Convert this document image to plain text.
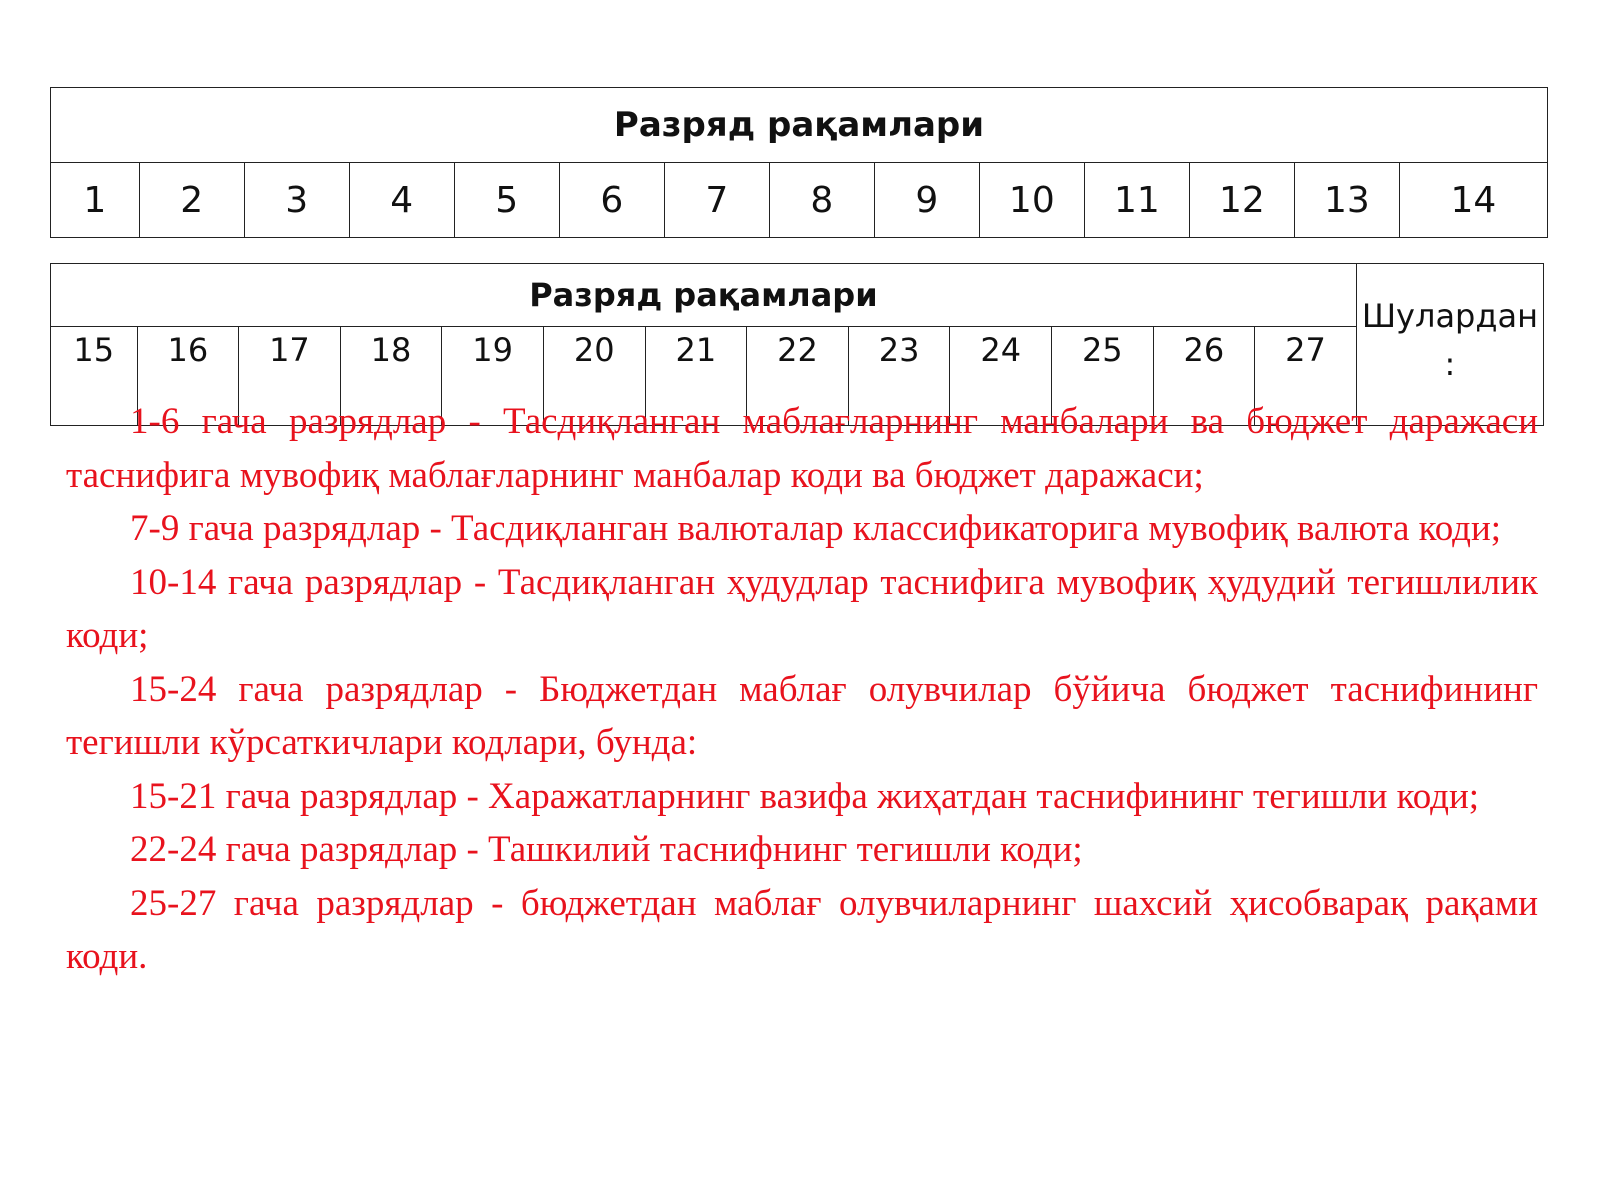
Разряд рақамлари
1	2	3	4	5	6	7	8	9	10	11	12	13	14
Разряд рақамлари													Шулардан
:
15	16	17	18	19	20	21	22	23	24	25	26	27	

1-6 гача разрядлар - Тасдиқланган маблағларнинг манбалари ва бюджет даражаси таснифига мувофиқ маблағларнинг манбалар коди ва бюджет даражаси;

7-9 гача разрядлар - Тасдиқланган валюталар классификаторига мувофиқ валюта коди;

10-14 гача разрядлар - Тасдиқланган ҳудудлар таснифига мувофиқ ҳудудий тегишлилик коди;

15-24 гача разрядлар - Бюджетдан маблағ олувчилар бўйича бюджет таснифининг тегишли кўрсаткичлари кодлари, бунда:

15-21 гача разрядлар - Харажатларнинг вазифа жиҳатдан таснифининг тегишли коди;

22-24 гача разрядлар - Ташкилий таснифнинг тегишли коди;

25-27 гача разрядлар - бюджетдан маблағ олувчиларнинг шахсий ҳисобварақ рақами коди.
